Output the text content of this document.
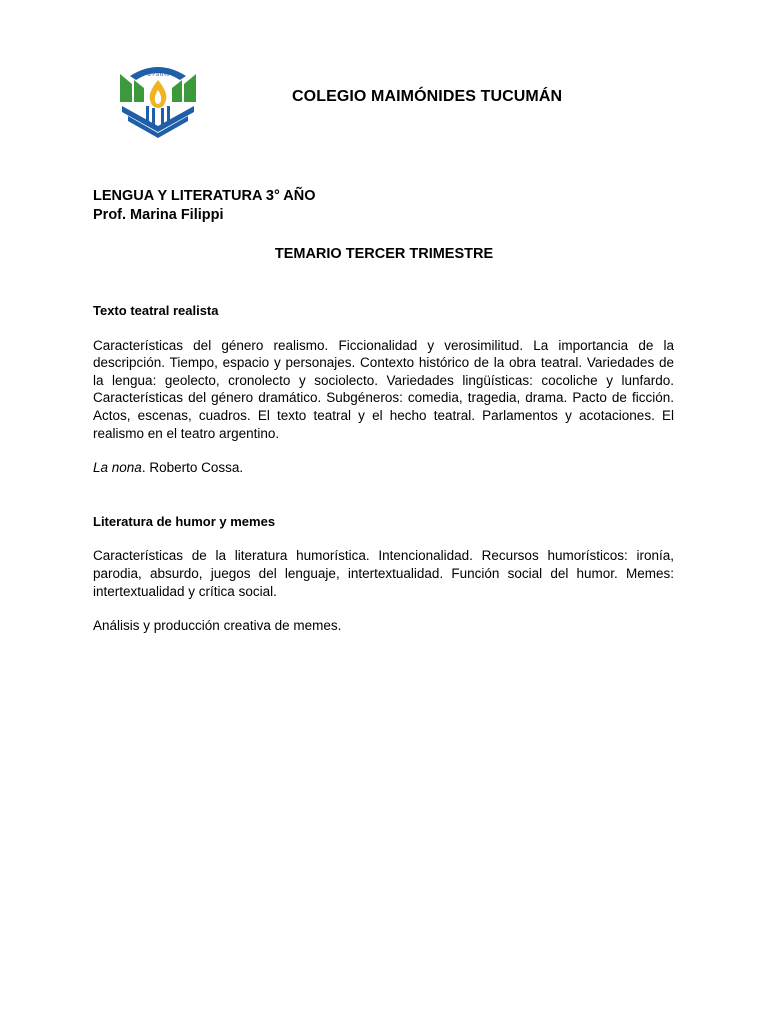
מימונידס
COLEGIO MAIMÓNIDES TUCUMÁN
LENGUA Y LITERATURA 3° AÑO
Prof. Marina Filippi
TEMARIO TERCER TRIMESTRE

Texto teatral realista

Características del género realismo. Ficcionalidad y verosimilitud. La importancia de la descripción. Tiempo, espacio y personajes. Contexto histórico de la obra teatral. Variedades de la lengua: geolecto, cronolecto y sociolecto. Variedades lingüísticas: cocoliche y lunfardo. Características del género dramático. Subgéneros: comedia, tragedia, drama. Pacto de ficción. Actos, escenas, cuadros. El texto teatral y el hecho teatral. Parlamentos y acotaciones. El realismo en el teatro argentino.

La nona. Roberto Cossa.

Literatura de humor y memes

Características de la literatura humorística. Intencionalidad. Recursos humorísticos: ironía, parodia, absurdo, juegos del lenguaje, intertextualidad. Función social del humor. Memes: intertextualidad y crítica social.

Análisis y producción creativa de memes.
